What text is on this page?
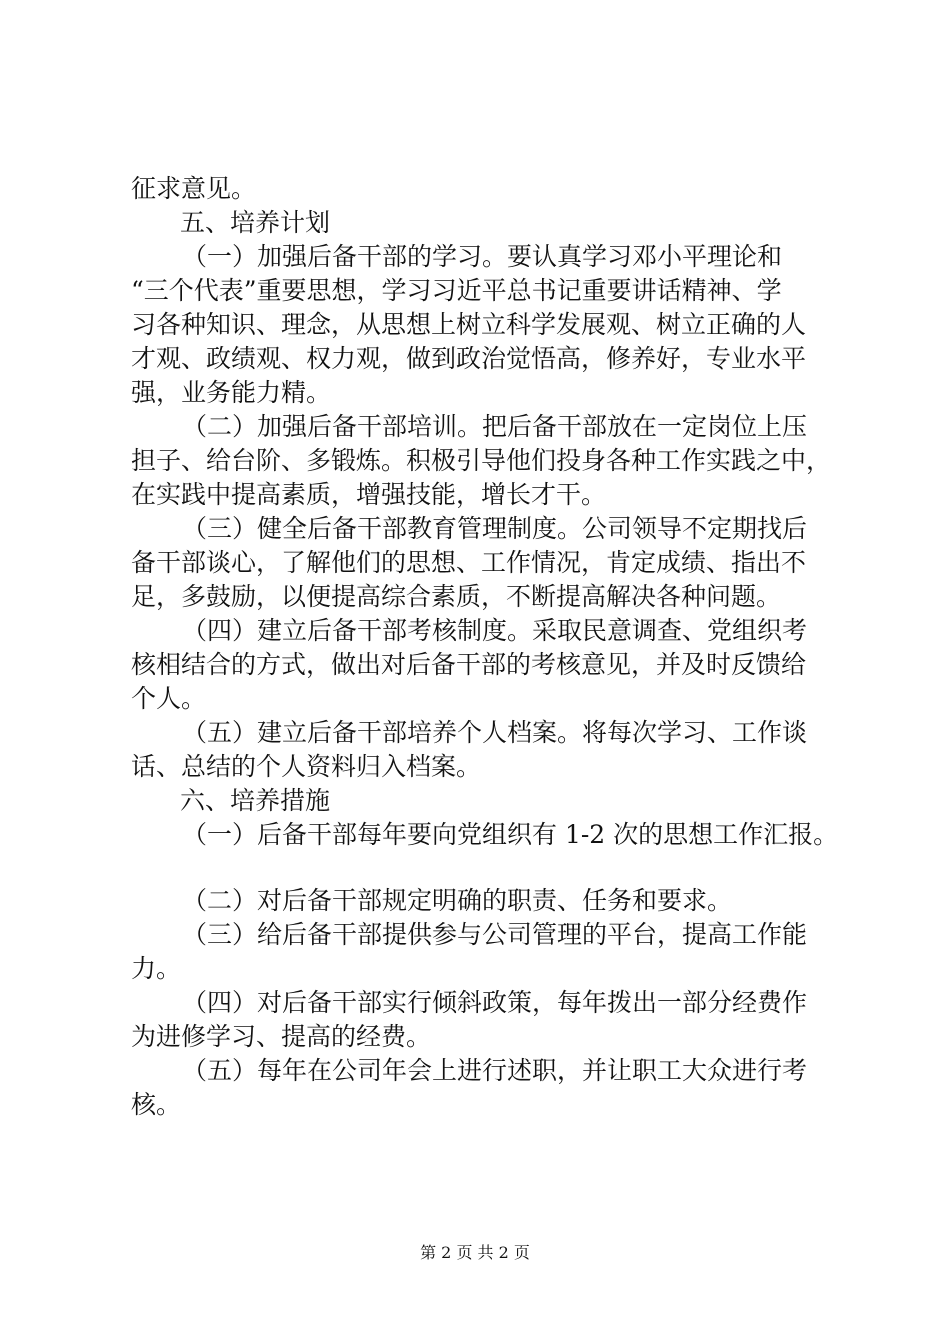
征求意见。
五、培养计划
（一）加强后备干部的学习。要认真学习邓小平理论和
“三个代表”重要思想，学习习近平总书记重要讲话精神、学
习各种知识、理念，从思想上树立科学发展观、树立正确的人
才观、政绩观、权力观，做到政治觉悟高，修养好，专业水平
强，业务能力精。
（二）加强后备干部培训。把后备干部放在一定岗位上压
担子、给台阶、多锻炼。积极引导他们投身各种工作实践之中，
在实践中提高素质，增强技能，增长才干。
（三）健全后备干部教育管理制度。公司领导不定期找后
备干部谈心，了解他们的思想、工作情况，肯定成绩、指出不
足，多鼓励，以便提高综合素质，不断提高解决各种问题。
（四）建立后备干部考核制度。采取民意调查、党组织考
核相结合的方式，做出对后备干部的考核意见，并及时反馈给
个人。
（五）建立后备干部培养个人档案。将每次学习、工作谈
话、总结的个人资料归入档案。
六、培养措施
（一）后备干部每年要向党组织有 1-2 次的思想工作汇报。
（二）对后备干部规定明确的职责、任务和要求。
（三）给后备干部提供参与公司管理的平台，提高工作能
力。
（四）对后备干部实行倾斜政策，每年拨出一部分经费作
为进修学习、提高的经费。
（五）每年在公司年会上进行述职，并让职工大众进行考
核。
第 2 页 共 2 页
